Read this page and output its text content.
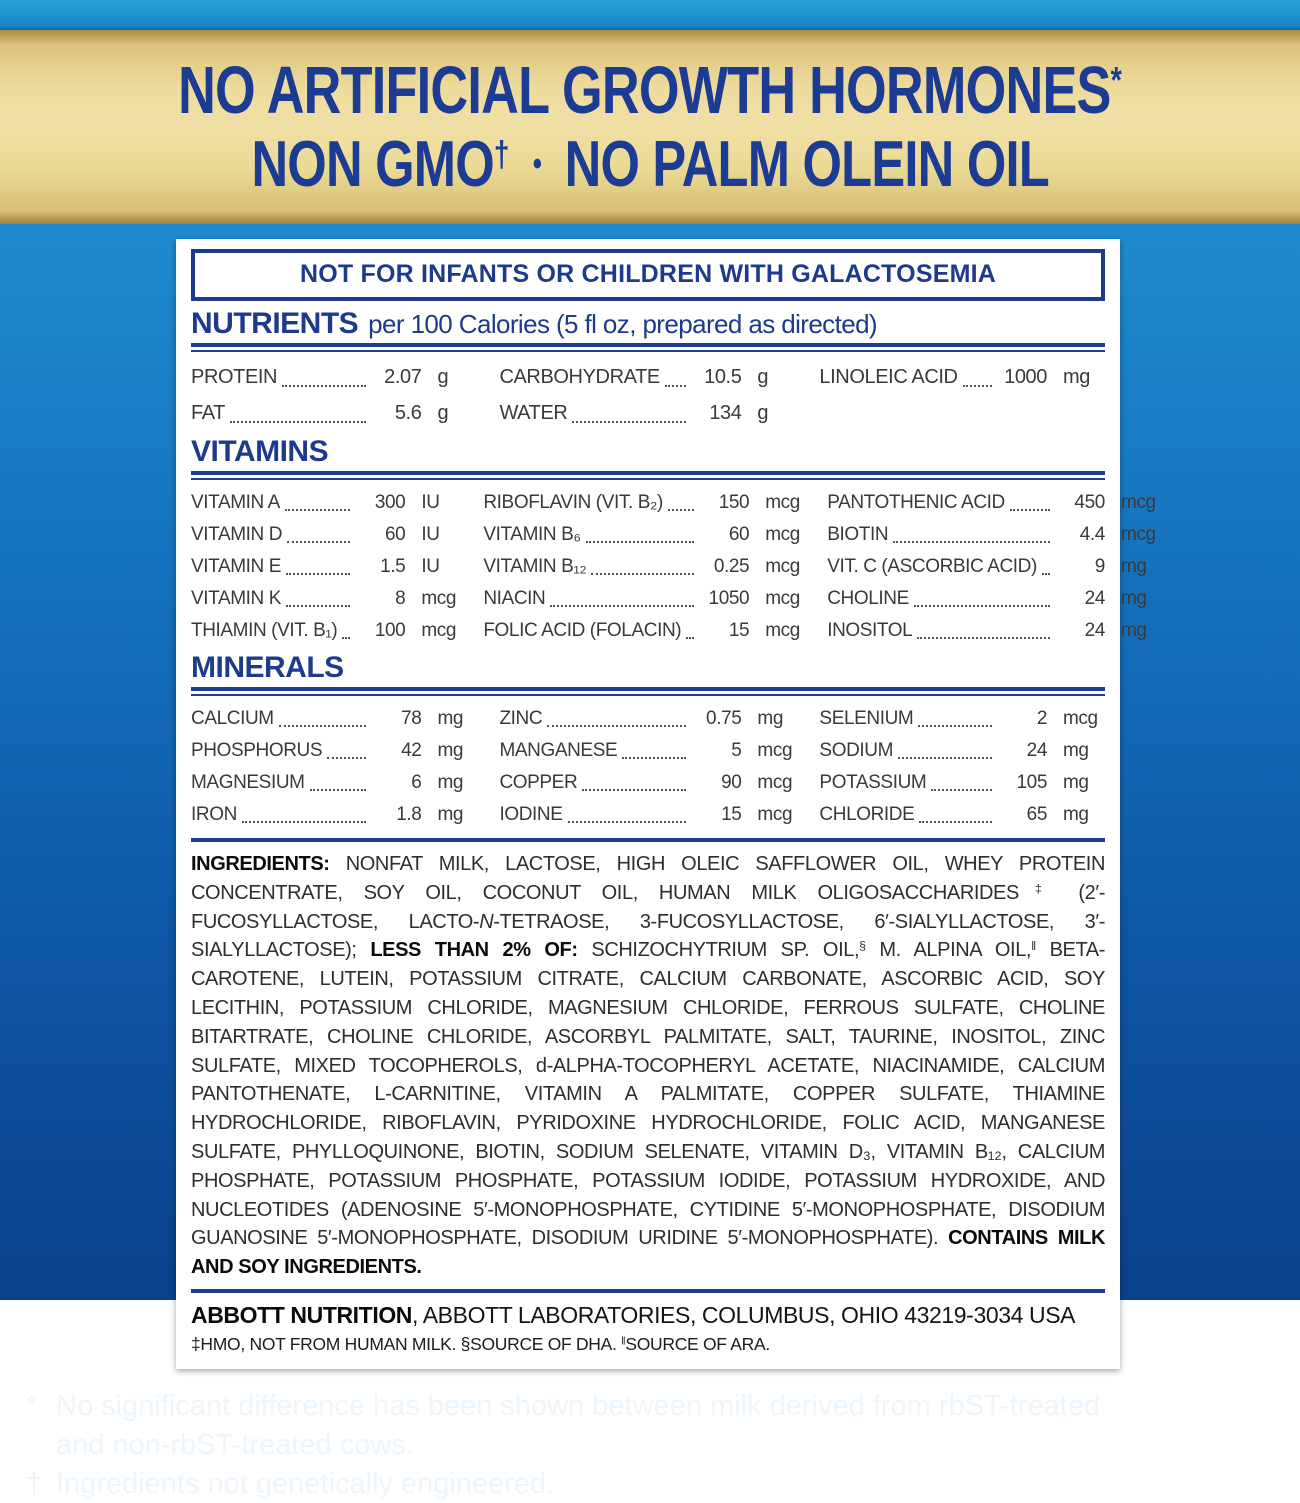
NO ARTIFICIAL GROWTH HORMONES*
NON GMO† • NO PALM OLEIN OIL
NOT FOR INFANTS OR CHILDREN WITH GALACTOSEMIA
NUTRIENTS per 100 Calories (5 fl oz, prepared as directed)
PROTEIN	2.07 g
FAT	5.6 g
CARBOHYDRATE	10.5 g
WATER	134 g
LINOLEIC ACID	1000 mg
VITAMINS
VITAMIN A	300 IU
VITAMIN D	60 IU
VITAMIN E	1.5 IU
VITAMIN K	8 mcg
THIAMIN (VIT. B₁)	100 mcg
RIBOFLAVIN (VIT. B₂)	150 mcg
VITAMIN B₆	60 mcg
VITAMIN B₁₂	0.25 mcg
NIACIN	1050 mcg
FOLIC ACID (FOLACIN)	15 mcg
PANTOTHENIC ACID	450 mcg
BIOTIN	4.4 mcg
VIT. C (ASCORBIC ACID)	9 mg
CHOLINE	24 mg
INOSITOL	24 mg
MINERALS
CALCIUM	78 mg
PHOSPHORUS	42 mg
MAGNESIUM	6 mg
IRON	1.8 mg
ZINC	0.75 mg
MANGANESE	5 mcg
COPPER	90 mcg
IODINE	15 mcg
SELENIUM	2 mcg
SODIUM	24 mg
POTASSIUM	105 mg
CHLORIDE	65 mg
INGREDIENTS: NONFAT MILK, LACTOSE, HIGH OLEIC SAFFLOWER OIL, WHEY PROTEIN CONCENTRATE, SOY OIL, COCONUT OIL, HUMAN MILK OLIGOSACCHARIDES‡ (2′-FUCOSYLLACTOSE, LACTO-N-TETRAOSE, 3-FUCOSYLLACTOSE, 6′-SIALYLLACTOSE, 3′-SIALYLLACTOSE); LESS THAN 2% OF: SCHIZOCHYTRIUM SP. OIL,§ M. ALPINA OIL,‖ BETA-CAROTENE, LUTEIN, POTASSIUM CITRATE, CALCIUM CARBONATE, ASCORBIC ACID, SOY LECITHIN, POTASSIUM CHLORIDE, MAGNESIUM CHLORIDE, FERROUS SULFATE, CHOLINE BITARTRATE, CHOLINE CHLORIDE, ASCORBYL PALMITATE, SALT, TAURINE, INOSITOL, ZINC SULFATE, MIXED TOCOPHEROLS, d-ALPHA-TOCOPHERYL ACETATE, NIACINAMIDE, CALCIUM PANTOTHENATE, L-CARNITINE, VITAMIN A PALMITATE, COPPER SULFATE, THIAMINE HYDROCHLORIDE, RIBOFLAVIN, PYRIDOXINE HYDROCHLORIDE, FOLIC ACID, MANGANESE SULFATE, PHYLLOQUINONE, BIOTIN, SODIUM SELENATE, VITAMIN D₃, VITAMIN B₁₂, CALCIUM PHOSPHATE, POTASSIUM PHOSPHATE, POTASSIUM IODIDE, POTASSIUM HYDROXIDE, AND NUCLEOTIDES (ADENOSINE 5′-MONOPHOSPHATE, CYTIDINE 5′-MONOPHOSPHATE, DISODIUM GUANOSINE 5′-MONOPHOSPHATE, DISODIUM URIDINE 5′-MONOPHOSPHATE). CONTAINS MILK AND SOY INGREDIENTS.
ABBOTT NUTRITION, ABBOTT LABORATORIES, COLUMBUS, OHIO 43219-3034 USA
‡HMO, NOT FROM HUMAN MILK. §SOURCE OF DHA. ‖SOURCE OF ARA.
* No significant difference has been shown between milk derived from rbST-treated and non-rbST-treated cows.
† Ingredients not genetically engineered.
